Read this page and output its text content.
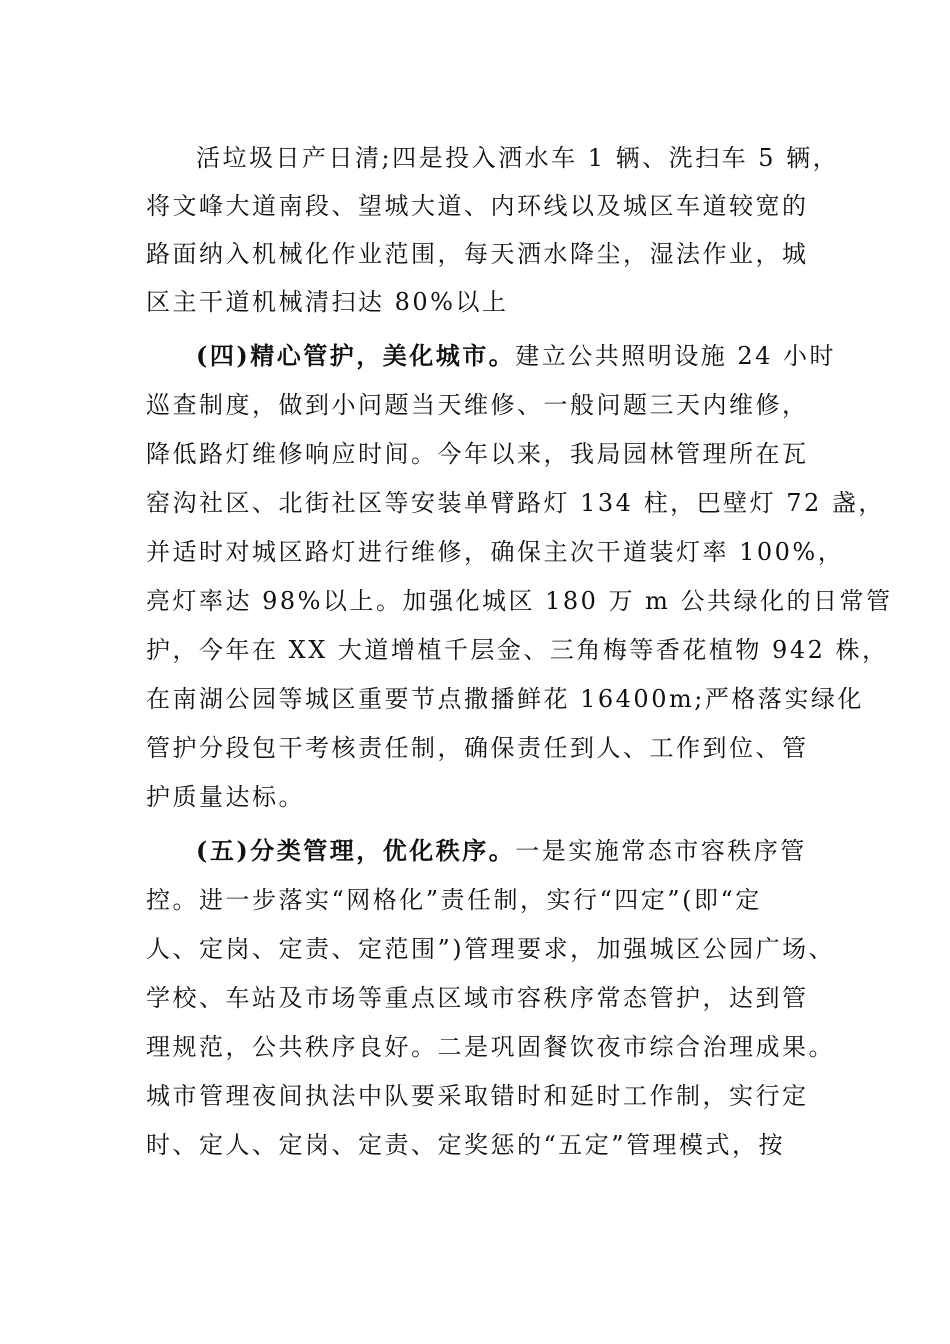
活垃圾日产日清;四是投入洒水车 1 辆、洗扫车 5 辆，
将文峰大道南段、望城大道、内环线以及城区车道较宽的
路面纳入机械化作业范围，每天洒水降尘，湿法作业，城
区主干道机械清扫达 80%以上
(四)精心管护，美化城市。建立公共照明设施 24 小时
巡查制度，做到小问题当天维修、一般问题三天内维修，
降低路灯维修响应时间。今年以来，我局园林管理所在瓦
窑沟社区、北街社区等安装单臂路灯 134 柱，巴壁灯 72 盏，
并适时对城区路灯进行维修，确保主次干道装灯率 100%，
亮灯率达 98%以上。加强化城区 180 万 m 公共绿化的日常管
护，今年在 XX 大道增植千层金、三角梅等香花植物 942 株，
在南湖公园等城区重要节点撒播鲜花 16400m;严格落实绿化
管护分段包干考核责任制，确保责任到人、工作到位、管
护质量达标。
(五)分类管理，优化秩序。一是实施常态市容秩序管
控。进一步落实“网格化”责任制，实行“四定”(即“定
人、定岗、定责、定范围”)管理要求，加强城区公园广场、
学校、车站及市场等重点区域市容秩序常态管护，达到管
理规范，公共秩序良好。二是巩固餐饮夜市综合治理成果。
城市管理夜间执法中队要采取错时和延时工作制，实行定
时、定人、定岗、定责、定奖惩的“五定”管理模式，按
